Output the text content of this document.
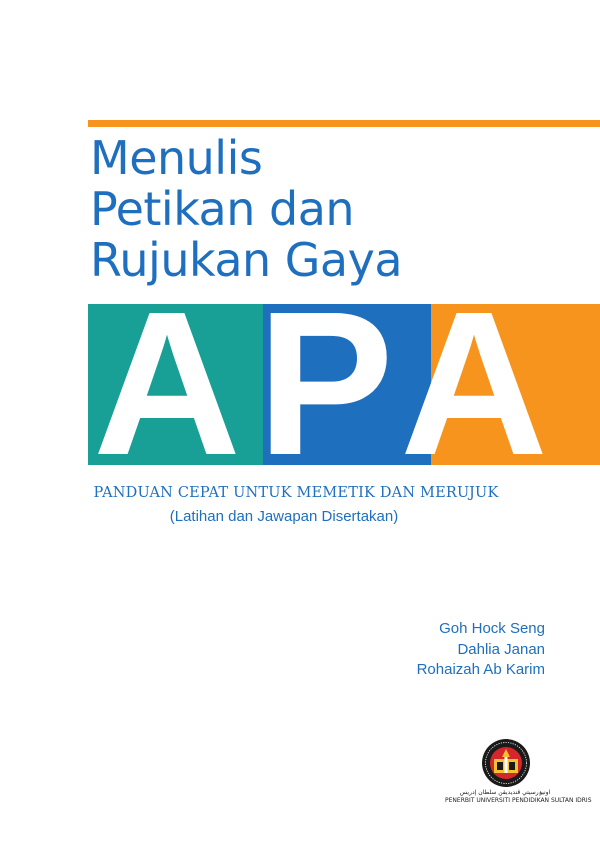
Menulis
Petikan dan
Rujukan Gaya
A P A

PANDUAN CEPAT UNTUK MEMETIK DAN MERUJUK

(Latihan dan Jawapan Disertakan)

Goh Hock Seng
Dahlia Janan
Rohaizah Ab Karim
اونيۏرسيتي ڤنديديقن سلطان إدريس
PENERBIT UNIVERSITI PENDIDIKAN SULTAN IDRIS
